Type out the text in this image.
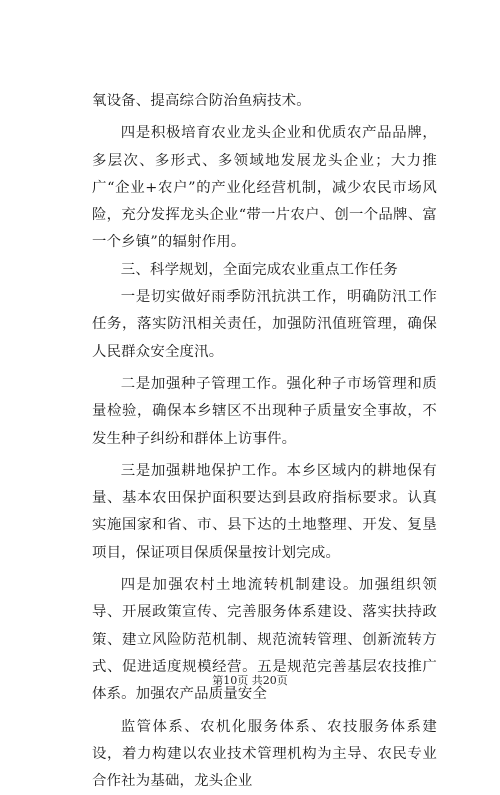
氧设备、提高综合防治鱼病技术。

四是积极培育农业龙头企业和优质农产品品牌，多层次、多形式、多领域地发展龙头企业；大力推广“企业+农户”的产业化经营机制，减少农民市场风险，充分发挥龙头企业“带一片农户、创一个品牌、富一个乡镇”的辐射作用。

三、科学规划，全面完成农业重点工作任务

一是切实做好雨季防汛抗洪工作，明确防汛工作任务，落实防汛相关责任，加强防汛值班管理，确保人民群众安全度汛。

二是加强种子管理工作。强化种子市场管理和质量检验，确保本乡辖区不出现种子质量安全事故，不发生种子纠纷和群体上访事件。

三是加强耕地保护工作。本乡区域内的耕地保有量、基本农田保护面积要达到县政府指标要求。认真实施国家和省、市、县下达的土地整理、开发、复垦项目，保证项目保质保量按计划完成。

四是加强农村土地流转机制建设。加强组织领导、开展政策宣传、完善服务体系建设、落实扶持政策、建立风险防范机制、规范流转管理、创新流转方式、促进适度规模经营。五是规范完善基层农技推广体系。加强农产品质量安全

监管体系、农机化服务体系、农技服务体系建设，着力构建以农业技术管理机构为主导、农民专业合作社为基础，龙头企业

第10页 共20页
